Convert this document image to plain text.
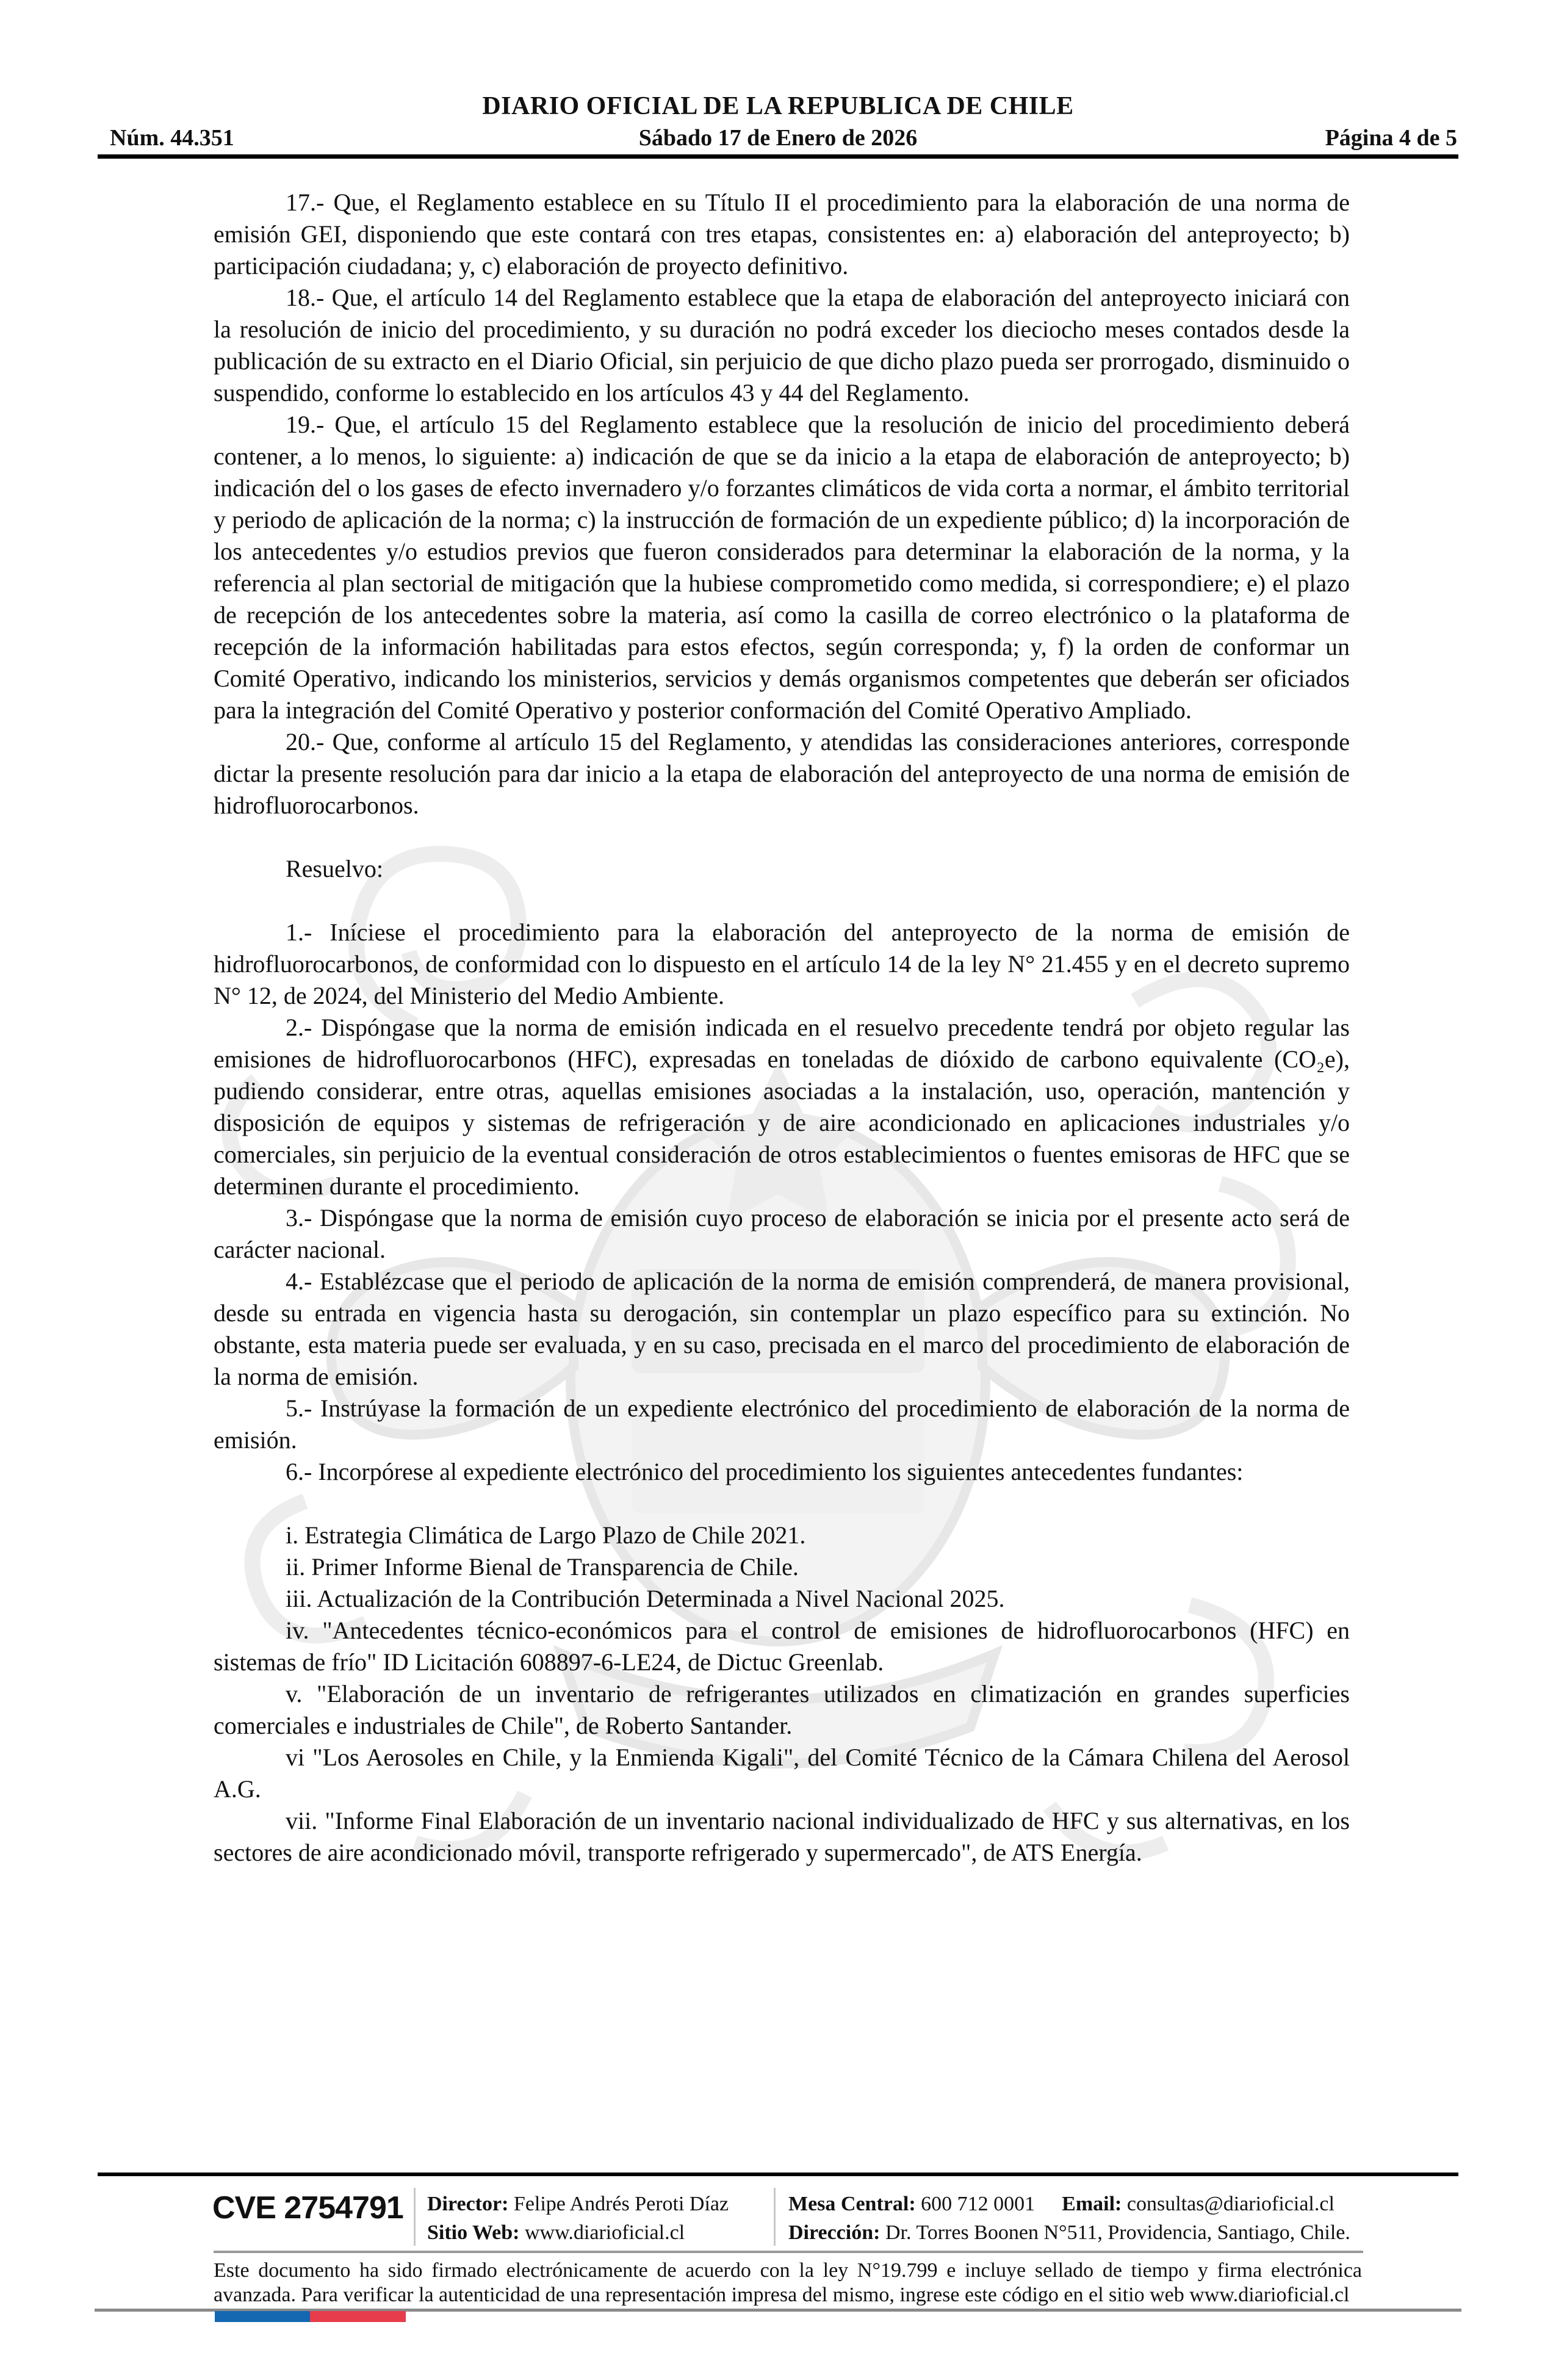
DIARIO OFICIAL DE LA REPUBLICA DE CHILE
Núm. 44.351	Sábado 17 de Enero de 2026	Página 4 de 5

17.- Que, el Reglamento establece en su Título II el procedimiento para la elaboración de una norma de emisión GEI, disponiendo que este contará con tres etapas, consistentes en: a) elaboración del anteproyecto; b) participación ciudadana; y, c) elaboración de proyecto definitivo.

18.- Que, el artículo 14 del Reglamento establece que la etapa de elaboración del anteproyecto iniciará con la resolución de inicio del procedimiento, y su duración no podrá exceder los dieciocho meses contados desde la publicación de su extracto en el Diario Oficial, sin perjuicio de que dicho plazo pueda ser prorrogado, disminuido o suspendido, conforme lo establecido en los artículos 43 y 44 del Reglamento.

19.- Que, el artículo 15 del Reglamento establece que la resolución de inicio del procedimiento deberá contener, a lo menos, lo siguiente: a) indicación de que se da inicio a la etapa de elaboración de anteproyecto; b) indicación del o los gases de efecto invernadero y/o forzantes climáticos de vida corta a normar, el ámbito territorial y periodo de aplicación de la norma; c) la instrucción de formación de un expediente público; d) la incorporación de los antecedentes y/o estudios previos que fueron considerados para determinar la elaboración de la norma, y la referencia al plan sectorial de mitigación que la hubiese comprometido como medida, si correspondiere; e) el plazo de recepción de los antecedentes sobre la materia, así como la casilla de correo electrónico o la plataforma de recepción de la información habilitadas para estos efectos, según corresponda; y, f) la orden de conformar un Comité Operativo, indicando los ministerios, servicios y demás organismos competentes que deberán ser oficiados para la integración del Comité Operativo y posterior conformación del Comité Operativo Ampliado.

20.- Que, conforme al artículo 15 del Reglamento, y atendidas las consideraciones anteriores, corresponde dictar la presente resolución para dar inicio a la etapa de elaboración del anteproyecto de una norma de emisión de hidrofluorocarbonos.

Resuelvo:

1.- Iníciese el procedimiento para la elaboración del anteproyecto de la norma de emisión de hidrofluorocarbonos, de conformidad con lo dispuesto en el artículo 14 de la ley N° 21.455 y en el decreto supremo N° 12, de 2024, del Ministerio del Medio Ambiente.

2.- Dispóngase que la norma de emisión indicada en el resuelvo precedente tendrá por objeto regular las emisiones de hidrofluorocarbonos (HFC), expresadas en toneladas de dióxido de carbono equivalente (CO₂e), pudiendo considerar, entre otras, aquellas emisiones asociadas a la instalación, uso, operación, mantención y disposición de equipos y sistemas de refrigeración y de aire acondicionado en aplicaciones industriales y/o comerciales, sin perjuicio de la eventual consideración de otros establecimientos o fuentes emisoras de HFC que se determinen durante el procedimiento.

3.- Dispóngase que la norma de emisión cuyo proceso de elaboración se inicia por el presente acto será de carácter nacional.

4.- Establézcase que el periodo de aplicación de la norma de emisión comprenderá, de manera provisional, desde su entrada en vigencia hasta su derogación, sin contemplar un plazo específico para su extinción. No obstante, esta materia puede ser evaluada, y en su caso, precisada en el marco del procedimiento de elaboración de la norma de emisión.

5.- Instrúyase la formación de un expediente electrónico del procedimiento de elaboración de la norma de emisión.

6.- Incorpórese al expediente electrónico del procedimiento los siguientes antecedentes fundantes:

i. Estrategia Climática de Largo Plazo de Chile 2021.

ii. Primer Informe Bienal de Transparencia de Chile.

iii. Actualización de la Contribución Determinada a Nivel Nacional 2025.

iv. "Antecedentes técnico-económicos para el control de emisiones de hidrofluorocarbonos (HFC) en sistemas de frío" ID Licitación 608897-6-LE24, de Dictuc Greenlab.

v. "Elaboración de un inventario de refrigerantes utilizados en climatización en grandes superficies comerciales e industriales de Chile", de Roberto Santander.

vi "Los Aerosoles en Chile, y la Enmienda Kigali", del Comité Técnico de la Cámara Chilena del Aerosol A.G.

vii. "Informe Final Elaboración de un inventario nacional individualizado de HFC y sus alternativas, en los sectores de aire acondicionado móvil, transporte refrigerado y supermercado", de ATS Energía.

CVE 2754791 Director: Felipe Andrés Peroti Díaz
Sitio Web: www.diarioficial.cl
Mesa Central: 600 712 0001 Email: consultas@diarioficial.cl
Dirección: Dr. Torres Boonen N°511, Providencia, Santiago, Chile.

Este documento ha sido firmado electrónicamente de acuerdo con la ley N°19.799 e incluye sellado de tiempo y firma electrónica avanzada. Para verificar la autenticidad de una representación impresa del mismo, ingrese este código en el sitio web www.diarioficial.cl
